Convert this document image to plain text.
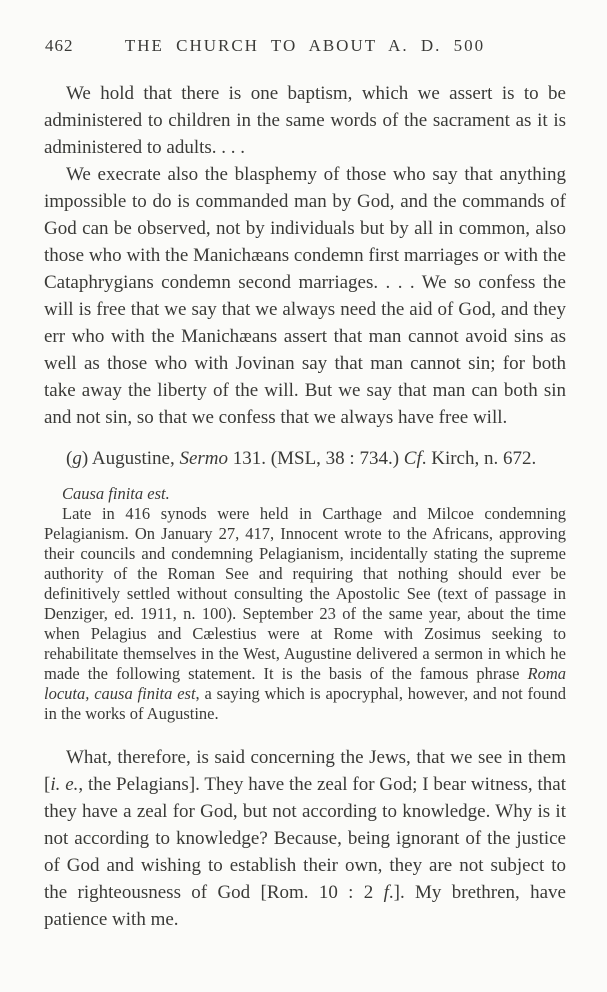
462	THE CHURCH TO ABOUT A. D. 500

We hold that there is one baptism, which we assert is to be administered to children in the same words of the sacrament as it is administered to adults. . . .

We execrate also the blasphemy of those who say that anything impossible to do is commanded man by God, and the commands of God can be observed, not by individuals but by all in common, also those who with the Manichæans condemn first marriages or with the Cataphrygians condemn second marriages. . . . We so confess the will is free that we say that we always need the aid of God, and they err who with the Manichæans assert that man cannot avoid sins as well as those who with Jovinan say that man cannot sin; for both take away the liberty of the will. But we say that man can both sin and not sin, so that we confess that we always have free will.

(g) Augustine, Sermo 131. (MSL, 38 : 734.) Cf. Kirch, n. 672.

Causa finita est.

Late in 416 synods were held in Carthage and Milcoe condemning Pelagianism. On January 27, 417, Innocent wrote to the Africans, approving their councils and condemning Pelagianism, incidentally stating the supreme authority of the Roman See and requiring that nothing should ever be definitively settled without consulting the Apostolic See (text of passage in Denziger, ed. 1911, n. 100). September 23 of the same year, about the time when Pelagius and Cælestius were at Rome with Zosimus seeking to rehabilitate themselves in the West, Augustine delivered a sermon in which he made the following statement. It is the basis of the famous phrase Roma locuta, causa finita est, a saying which is apocryphal, however, and not found in the works of Augustine.

What, therefore, is said concerning the Jews, that we see in them [i. e., the Pelagians]. They have the zeal for God; I bear witness, that they have a zeal for God, but not according to knowledge. Why is it not according to knowledge? Because, being ignorant of the justice of God and wishing to establish their own, they are not subject to the righteousness of God [Rom. 10 : 2 f.]. My brethren, have patience with me.
